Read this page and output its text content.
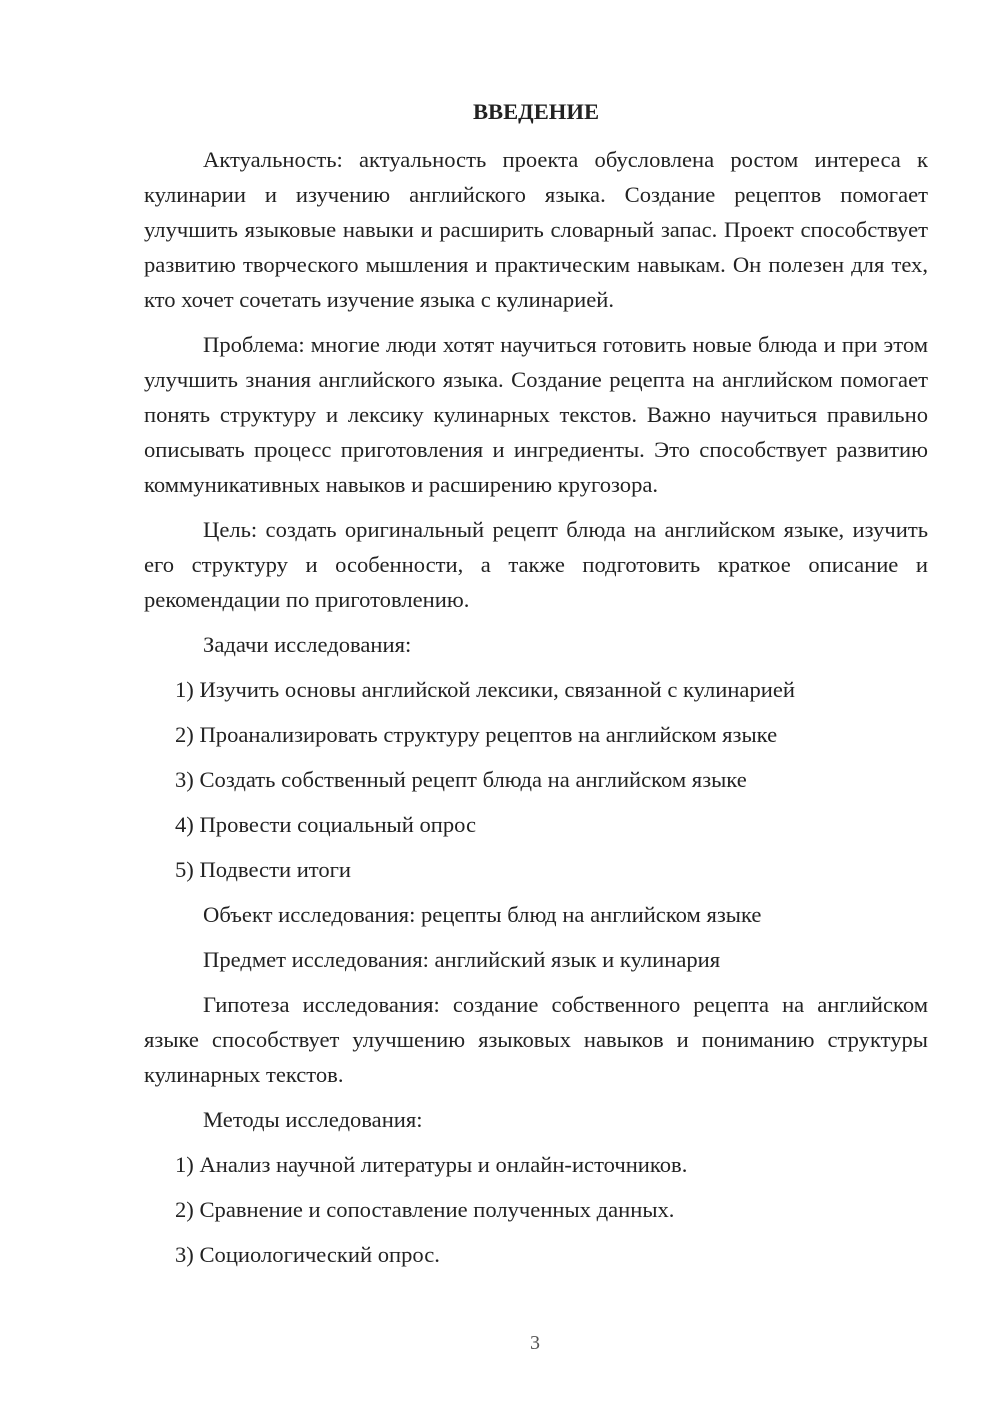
ВВЕДЕНИЕ

Актуальность: актуальность проекта обусловлена ростом интереса к кулинарии и изучению английского языка. Создание рецептов помогает улучшить языковые навыки и расширить словарный запас. Проект способствует развитию творческого мышления и практическим навыкам. Он полезен для тех, кто хочет сочетать изучение языка с кулинарией.

Проблема: многие люди хотят научиться готовить новые блюда и при этом улучшить знания английского языка. Создание рецепта на английском помогает понять структуру и лексику кулинарных текстов. Важно научиться правильно описывать процесс приготовления и ингредиенты. Это способствует развитию коммуникативных навыков и расширению кругозора.

Цель: создать оригинальный рецепт блюда на английском языке, изучить его структуру и особенности, а также подготовить краткое описание и рекомендации по приготовлению.

Задачи исследования:

1) Изучить основы английской лексики, связанной с кулинарией

2) Проанализировать структуру рецептов на английском языке

3) Создать собственный рецепт блюда на английском языке

4) Провести социальный опрос

5) Подвести итоги

Объект исследования: рецепты блюд на английском языке

Предмет исследования: английский язык и кулинария

Гипотеза исследования: создание собственного рецепта на английском языке способствует улучшению языковых навыков и пониманию структуры кулинарных текстов.

Методы исследования:

1) Анализ научной литературы и онлайн-источников.

2) Сравнение и сопоставление полученных данных.

3) Социологический опрос.

3
